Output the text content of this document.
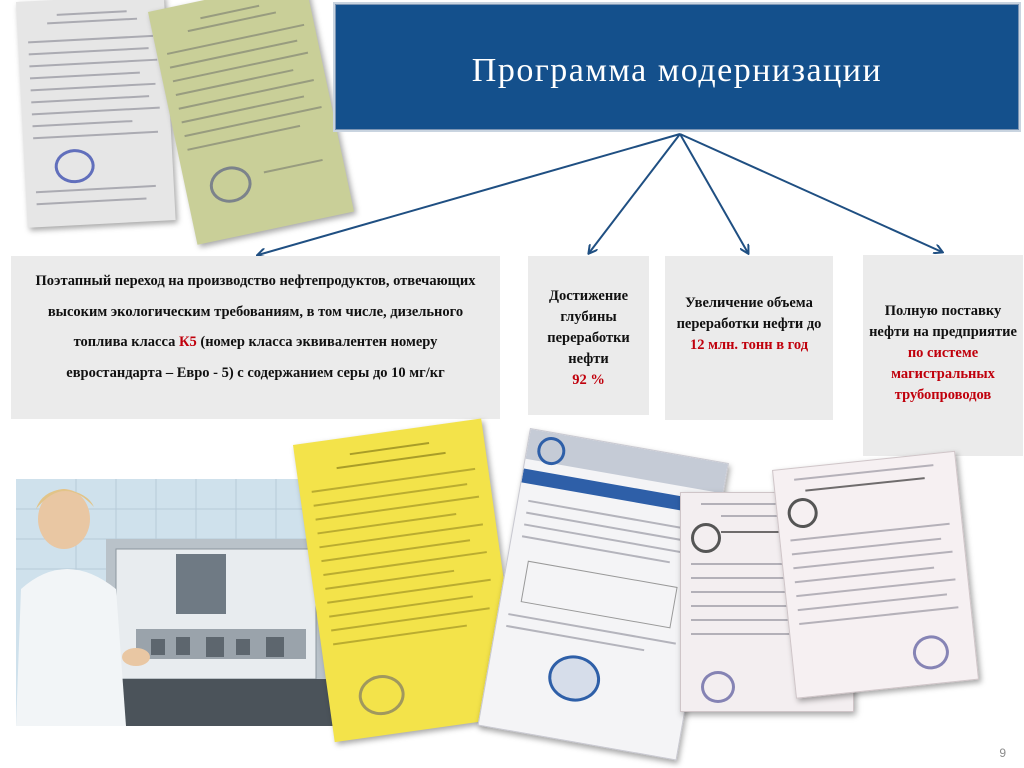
Программа модернизации
Поэтапный переход на производство нефтепродуктов, отвечающих высоким экологическим требованиям, в том числе, дизельного топлива класса К5 (номер класса эквивалентен номеру евростандарта – Евро - 5) с содержанием серы до 10 мг/кг
Достижение глубины переработки нефти
92 %
Увеличение объема переработки нефти до
12 млн. тонн в год
Полную поставку нефти на предприятие
по системе магистральных трубопроводов
9
